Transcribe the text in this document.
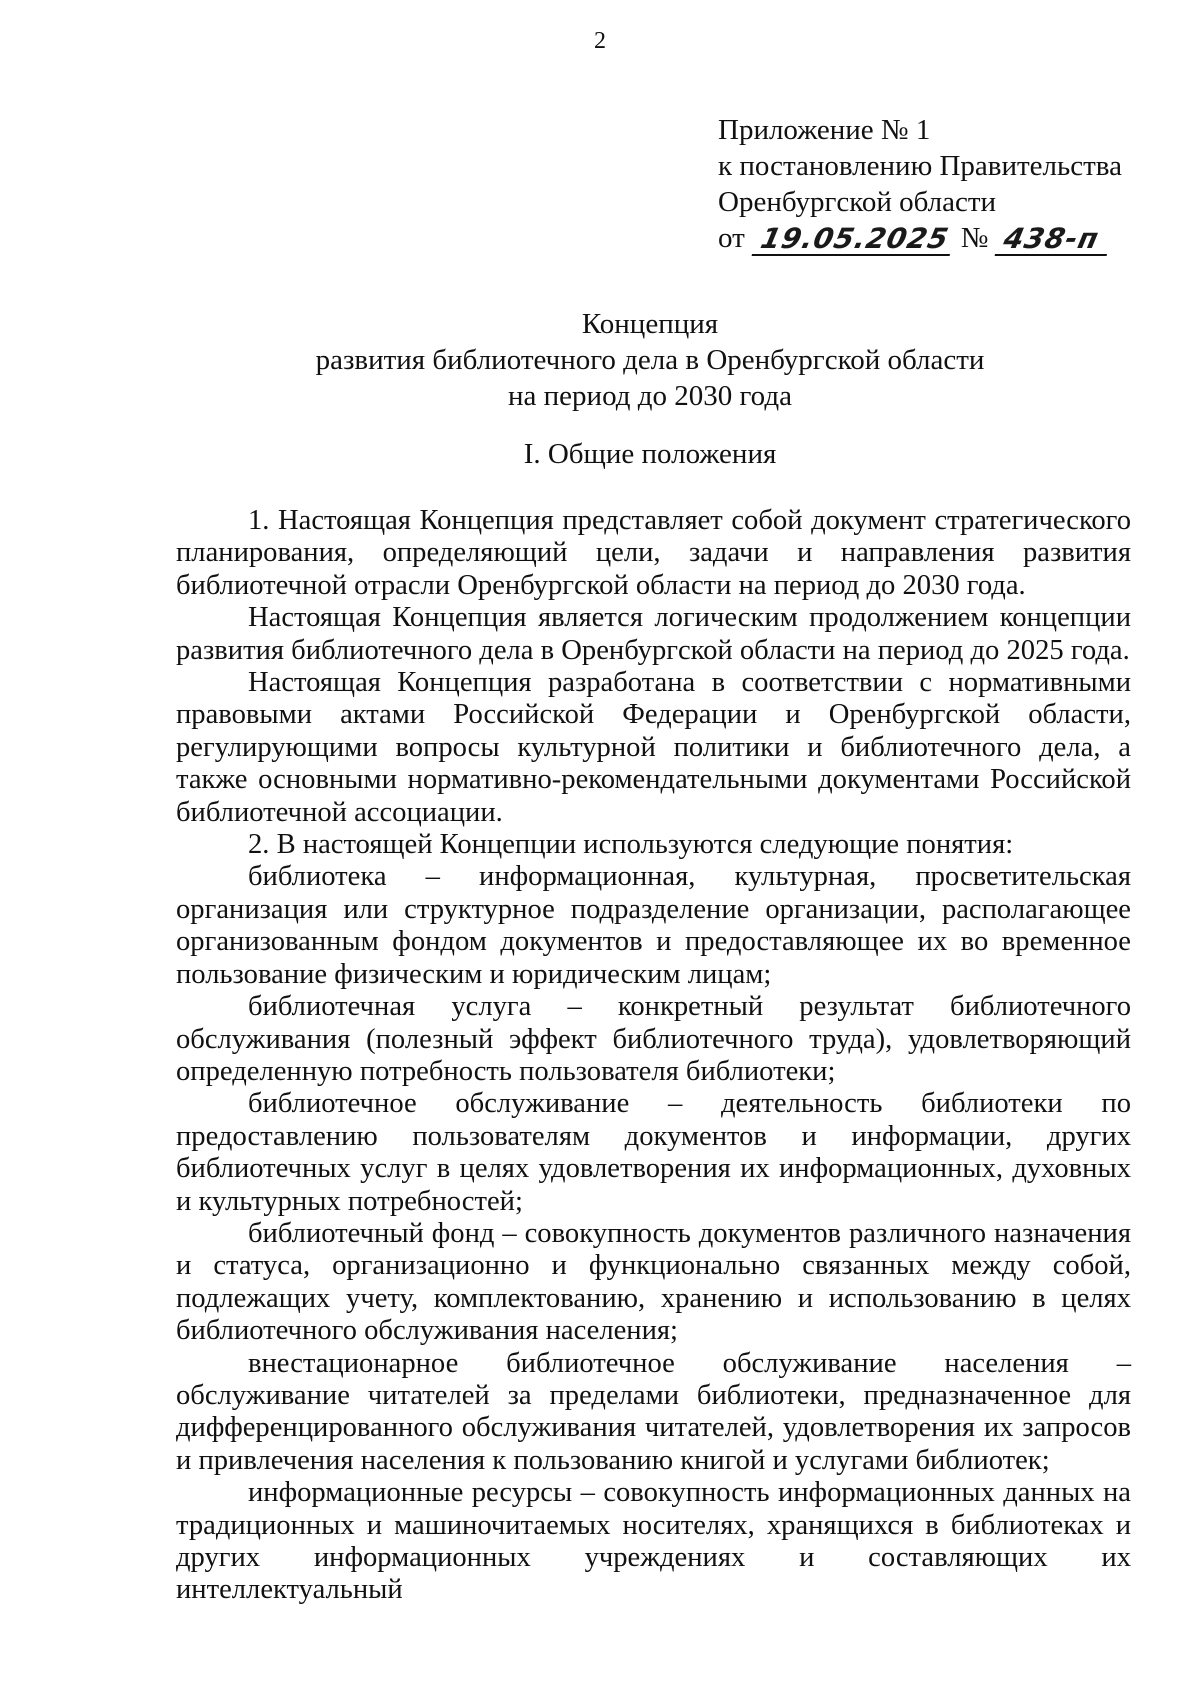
2
Приложение № 1
к постановлению Правительства
Оренбургской области
от 19.05.2025 № 438-п
Концепция
развития библиотечного дела в Оренбургской области
на период до 2030 года
I. Общие положения

1. Настоящая Концепция представляет собой документ стратегического планирования, определяющий цели, задачи и направления развития библиотечной отрасли Оренбургской области на период до 2030 года.

Настоящая Концепция является логическим продолжением концепции развития библиотечного дела в Оренбургской области на период до 2025 года.

Настоящая Концепция разработана в соответствии с нормативными правовыми актами Российской Федерации и Оренбургской области, регулирующими вопросы культурной политики и библиотечного дела, а также основными нормативно-рекомендательными документами Российской библиотечной ассоциации.

2. В настоящей Концепции используются следующие понятия:

библиотека – информационная, культурная, просветительская организация или структурное подразделение организации, располагающее организованным фондом документов и предоставляющее их во временное пользование физическим и юридическим лицам;

библиотечная услуга – конкретный результат библиотечного обслуживания (полезный эффект библиотечного труда), удовлетворяющий определенную потребность пользователя библиотеки;

библиотечное обслуживание – деятельность библиотеки по предоставлению пользователям документов и информации, других библиотечных услуг в целях удовлетворения их информационных, духовных и культурных потребностей;

библиотечный фонд – совокупность документов различного назначения и статуса, организационно и функционально связанных между собой, подлежащих учету, комплектованию, хранению и использованию в целях библиотечного обслуживания населения;

внестационарное библиотечное обслуживание населения – обслуживание читателей за пределами библиотеки, предназначенное для дифференцированного обслуживания читателей, удовлетворения их запросов и привлечения населения к пользованию книгой и услугами библиотек;

информационные ресурсы – совокупность информационных данных на традиционных и машиночитаемых носителях, хранящихся в библиотеках и других информационных учреждениях и составляющих их интеллектуальный
